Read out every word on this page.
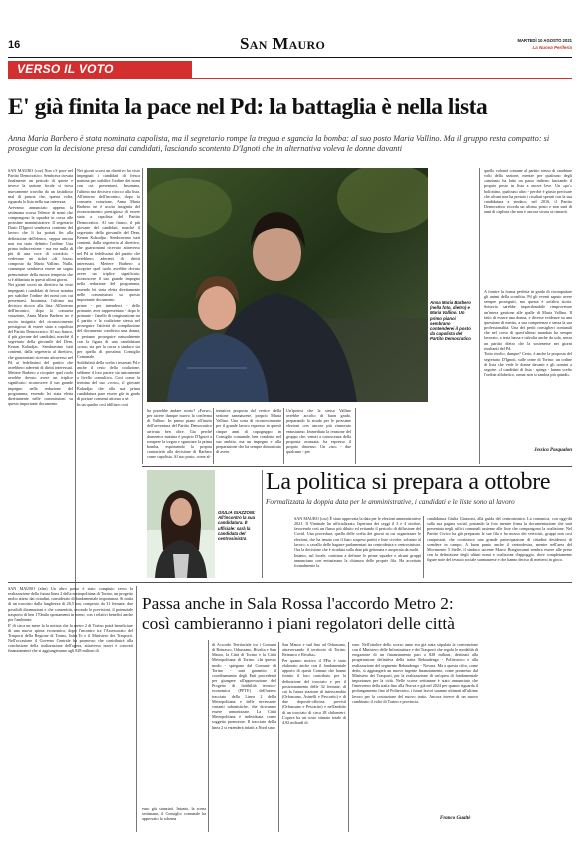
16	San Mauro	MARTEDÌ 10 AGOSTO 2021
La Nuova Periferia
VERSO IL VOTO
E' già finita la pace nel Pd: la battaglia è nella lista
Anna Maria Barbero è stata nominata capolista, ma il segretario rompe la tregua e sgancia la bomba: al suo posto Maria Vallino. Ma il gruppo resta compatto: si prosegue con la decisione presa dai candidati, lasciando scontento D'Ignoti che in alternativa voleva le donne davanti

SAN MAURO (coz) Non c'è pace nel Partito Democratico. Sembrava trovata finalmente un periodo di quiete e invece la sezione locale si trova nuovamente travolta da un fastidioso mal di pancia che, questa volta, riguarda la lista nella sua interezza.

Avevamo annunciato appena la settimana scorsa l'elenco di nomi che compongono la squadra in corsa alle prossime amministrative. Il segretario Dario D'Ignoti sembrava contento del lavoro che li ha portati fin alla definizione dell'elenco, seppur ancora non era stato definito l'ordine. Una prima indiscrezione - ma era nulla di più di una voce di corridoio - vedevano un ticket «di forza» composto da Maria Vallino. Nulla, comunque sembrava essere un sogno premonitore della nuova tempesta che si è abbattuta in questi ultimi giorni.

Nei giorni scorsi un direttivo ha visto impegnati i candidati di fresca nomina per stabilire l'ordine dei nomi con cui presentarsi. Insomma, l'ultimo ma decisivo ritocco alla lista. All'interno dell'incontro, dopo la consueta votazione, Anna Maria Barbero ne è uscita insignita del riconoscimento prestigioso di essere stata a capolista del Partito Democratico. Al suo fianco, il più giovane del candidati, nonché il segretario della giovanile del Dem, Kenan Kokudjac. Sembravano tutti contenti, dalla segreteria al direttivo, che guarzoniani ricevuto attraverso nel Pd ai fedelissimi del partito che avrebbero aderenti di diritti interessati. Mettere Barbero a ricoprire quel ruolo avrebbe dovuto avere un triplice significato: riconoscere il suo grande impegno nella redazione del programma, essendo lei stata eletta direttamente nelle commissioni su questo importante documento.

Nei giorni scorsi un direttivo ha visto impegnati i candidati di fresca nomina per stabilire l'ordine dei nomi con cui presentarsi. Insomma, l'ultimo ma decisivo ritocco alla lista. All'interno dell'incontro, dopo la consueta votazione, Anna Maria Barbero ne è uscita insignita del riconoscimento prestigioso di essere stata a capolista del Partito Democratico. Al suo fianco, il più giovane del candidati, nonché il segretario della giovanile del Dem, Kenan Kokudjac. Sembravano tutti contenti, dalla segreteria al direttivo, che guarzoniani ricevuto attraverso nel Pd ai fedelissimi del partito che avrebbero aderenti di diritti interessati. Mettere Barbero a ricoprire quel ruolo avrebbe dovuto avere un triplice significato: riconoscere il suo grande impegno nella redazione del programma, essendo lei stata eletta direttamente nelle commissioni su questo importante documento.

prime - per intenderci - dello primarie; aver rappresentato - dopo le primarie - l'anello di congiunzione tra il partito e la coalizione stessa nel proseguire l'attività di compilazione del documento condiviso una donna, e periamo proseguire naturalmente con la figura di una candidatura «rosa» sia per la corsa a sindaco sia per quella di prossima Consiglio Comunale.

Soddisfatti della scelta i tesserati Pd e anche il resto della coalizione, sebbene il loro parere sia unicamente a livello consultivo. Così come la termina del suo «voto», il giovane Kokudjac che alla sua prima candidatura pare essere già in grado di portare consensi attorno a sé.

In un quadro così idilliaco così

Anna Maria Barbero (nella foto, dietro) e Maria Vallino. Un primo pianoi sembrano contenderei il posto da capolista del Partito Democratico

ha potrebbe andare storto? «Forse», per tacere dunque nuovo la conferma di Vallino. In primo piano all'inizio dell'avventura del Partito Democratico arrivata ben oltre. Gia perché domenica mattina è proprio D'Ignoti a rompere la tregua e sganciare la prima bomba, esprimendo la propria contrarietà alla decisione di Barbero come capolista. Al suo posto, come al-

ternativa proposta dal vertice della sezione sanmaurese, proprio Maria Vallino. Una sorta di riconoscimento per il grande lavoro espresso in questi cinque anni di capogruppo in Consiglio comunale, ben condotto nel suo ambito, ma un impegno e alla preparazione che ha sempre dimostrato di avere.

Un'ipotesi che la stessa Vallino avrebbe accolto di buon grado, preparando la strada per le prossime elezioni con ancora più rinnovato entusiasmo. Immediata la reazione del gruppo che, venuti a conoscenza della proposta avanzata, ha espresso il proprio dissenso. Un «no» - due qualcuno - per

quello volontà comune al partito stesso di cambiare volti della sezione, mentre per qualcuno degli «anziani» ha fatto un passo indietro lasciando il proprio posto in lista a nuove leve. Un «po'» boliottino, qualcuno altro - perché è giusto precisare che alcuni non ha portato i risultati sperati con la sua candidatura a sindaco, nel 2016, il Partito Democratico ricorda un ultimo posto e non sarà di anni di caplista che non è ancora sicura se rimarrà.

A fornire la forma perfetta in grado di ricompattare gli animi della sconfitta. Pd gli eventi saputo avere sempre proseguiti, ma questa è un'altra storia. Sottavia sarebbe imperdonabile rimproverare un'intera gestione alle spalle di Maria Vallino. Il fatto di essere una donna, e diverse evidenze su una questione di merito, a sua competenza e senza la sua professionalità. Una dei periti consiglieri comunali che nel corso di quest'ultimo mandato ha sempre lavorato, a testa bassa e talvolta anche da sola, senza un partito dietro che la sostenesse nei giorni risultanti del Pd.

Tutto risolto, dunque? Certo, è anche la proposta del segretario D'Ignoti, sulle orme di Torino: un ordine di lista che vede le donne davanti e gli uomini a seguire. «I candidati di lista - spiega - hanno scelto l'ordine alfabetico, ormai non si sambia più quindi».

Jessica Pasqualon
GIULIA GIAZZONI: All'incontro la sua candidatura. È ufficiale: sarà la candidata del centrosinistra
La politica si prepara a ottobre
Formalizzata la doppia data per le amministrative, i candidati e le liste sono al lavoro

SAN MAURO (coz) È stato approvata la data per le elezioni amministrative 2021. Il Viminale ha ufficializzato l'apertura dei seggi il 3 e 4 ottobre, favorendo così un flusso più diluito ed evitando il pericolo di diffusione del Covid. Una procedura, quella delle scelta dei giorni in cui organizzare le elezioni, che ha tenuto con il fiato sospeso partiti e liste civiche, soltanto al lavoro, a cavallo delle bagarre parlamentari tra centrodestra e centrosinistra. Ora la decisione che è ricaduta sulla data più gettonata e auspicata da molti.

Intanto, sul locale, continua a definire le prime squadre e alcuni gruppi annunciano con entusiasmo la chiusura delle proprie fila. Ha accettato formalmente la

candidatura Giulia Giazzoni, alla guida del centrosinistra. La comunica, con oggi-dà sulla sua pagina social, postando la foto mentre firma la documentazione che sarà presentata negli uffici comunali assieme alle liste che compongono la coalizione. Nel Partito Civico ha già preparato le sue fila e ha mosso dei verticisti, gruppi non così conquistati, che costituisce una grande partecipazione di cittadini desiderosi di scendere in campo. A buon punto anche il centrodestra, mentre nell'area del Movimento 5 Stelle, il sindaco uscente Marco Bongiovanni sembra essere alle prese con la definizione degli ultimi nomi e coalizione d'appoggio, dove completamente figure note del tessuto sociale sanmaurese e che hanno deciso di mettersi in gioco.

SAN MAURO (afm) Un altro passo è stato compiuto verso la realizzazione della futura linea 2 della metropolitana di Torino, un progetto molto atteso dai cittadini, considerato di fondamentale importanza. Si tratta di un tracciato dalla lunghezza di 26,5 km, composto da 31 fermate, due possibili diramazioni e che consentirà, secondo le previsioni, il potenziale trasporto di ben 170mila spostamenti in meno, con i relativi benefici anche per l'ambiente.

E' di circa un mese fa la notizia che la metro 2 di Torino potrà beneficiare di una nuova spinta economica, dopo l'incontro tra l'Assessorato del Trasporti della Regione di Torino, Infra.To e il Ministero dei Trasporti. Nell'occasione il Governo Centrale ha promesso che contribuirà alla conclusione della realizzazione dell'opera, attraverso nuovi e concreti finanziamenti che si aggiungeranno agli 828 milioni di

Passa anche in Sala Rossa l'accordo Metro 2: così cambieranno i piani regolatori delle città

euro già stanziati. Intanto, la scena settimana, il Consiglio comunale ha approvato lo schema

di Accordo Territoriale tra i Comuni di Beinasco, Orbassano, Rivalta e San Mauro, la Città di Torino e la Città Metropolitana di Torino. «In questo modo - spiegano dal Comune di Torino - sarà garantito il coordinamento degli Enti procedenti per giungere all'approvazione del Progetto di fattibilità tecnico-economica (PFTE) dell'intero tracciato della Linea 2 della Metropolitana e delle necessarie varianti urbanistiche, che dovranno essere armonizzate. La Città Metropolitana è individuata come soggetto promotore. Il tracciato della linea 2 si estenderà infatti a Nord sino

San Mauro e sud fino ad Orbassano, attraversando il territorio di Torino, Beinasco e Rivalta».

Per quanto motivo il PFte è stato elaborato anche con il fondamentale apporto di questi Comuni che hanno fornito il loro contributo per la definizione del tracciato e per il posizionamento delle 32 fermate, di cui la futura stazione di interscambio (Orbassano, Asinelli e Pescarito) e di due depositi-officina previsti (Orbassano e Pescarito) e nell'ambito di un tracciato di circa 28 chilometri. L'opera ha un costo stimato totale di 4,92 miliardi di

euro. Nell'ottobre dello scorso anno era già stata stipulata la convenzione con il Ministero delle Infrastrutture e dei Trasporti che regola le modalità di erogazione di un finanziamento pari a 828 milioni, destinati alla progettazione definitiva della tratta Rebaudengo - Politecnico e alla realizzazione del segmento Rebaudengo - Novara. Ma a questa cifra, come detto, si aggiungerà un nuovo ingente finanziamento, come promesso dal Ministero dei Trasporti, per la realizzazione di un'opera di fondamentale importanza per la città. Nelle scorse settimane è stato annunciato che l'intervento della tratta fino alla Nuova e già nel 2024 per quanto riguarda il prolungamento fino al Politecnico, i futuri lavori saranno ultimati all'ultimo lavoro per la costruzione del nuovo tratto. Ancora invece di un nuovo combinato il volto di Torino e provincia.

Franco Gualtè
